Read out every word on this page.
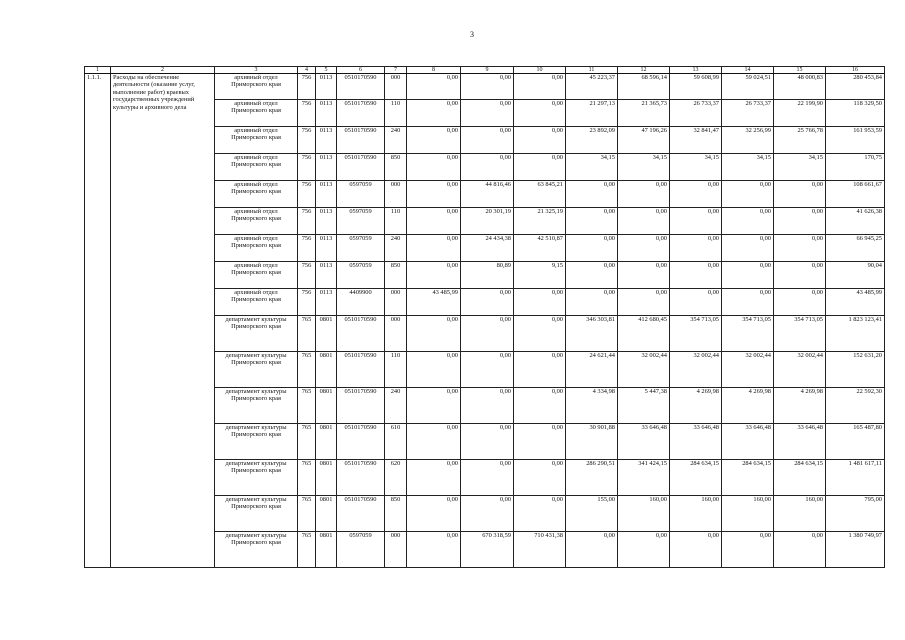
3
1	2	3	4	5	6	7	8	9	10	11	12	13	14	15	16
1.1.1.	Расходы на обеспечение деятельности (оказание услуг, выполнение работ) краевых государственных учреждений культуры и архивного дела	архивный отдел Приморского края	756	0113	0510170590	000	0,00	0,00	0,00	45 223,37	68 596,14	59 608,99	59 024,51	48 000,83	280 453,84
		архивный отдел Приморского края	756	0113	0510170590	110	0,00	0,00	0,00	21 297,13	21 365,73	26 733,37	26 733,37	22 199,90	118 329,50
		архивный отдел Приморского края	756	0113	0510170590	240	0,00	0,00	0,00	23 892,09	47 196,26	32 841,47	32 256,99	25 766,78	161 953,59
		архивный отдел Приморского края	756	0113	0510170590	850	0,00	0,00	0,00	34,15	34,15	34,15	34,15	34,15	170,75
		архивный отдел Приморского края	756	0113	0597059	000	0,00	44 816,46	63 845,21	0,00	0,00	0,00	0,00	0,00	108 661,67
		архивный отдел Приморского края	756	0113	0597059	110	0,00	20 301,19	21 325,19	0,00	0,00	0,00	0,00	0,00	41 626,38
		архивный отдел Приморского края	756	0113	0597059	240	0,00	24 434,38	42 510,87	0,00	0,00	0,00	0,00	0,00	66 945,25
		архивный отдел Приморского края	756	0113	0597059	850	0,00	80,89	9,15	0,00	0,00	0,00	0,00	0,00	90,04
		архивный отдел Приморского края	756	0113	4409900	000	43 485,99	0,00	0,00	0,00	0,00	0,00	0,00	0,00	43 485,99
		департамент культуры Приморского края	765	0801	0510170590	000	0,00	0,00	0,00	346 303,81	412 680,45	354 713,05	354 713,05	354 713,05	1 823 123,41
		департамент культуры Приморского края	765	0801	0510170590	110	0,00	0,00	0,00	24 621,44	32 002,44	32 002,44	32 002,44	32 002,44	152 631,20
		департамент культуры Приморского края	765	0801	0510170590	240	0,00	0,00	0,00	4 334,98	5 447,38	4 269,98	4 269,98	4 269,98	22 592,30
		департамент культуры Приморского края	765	0801	0510170590	610	0,00	0,00	0,00	30 901,88	33 646,48	33 646,48	33 646,48	33 646,48	165 487,80
		департамент культуры Приморского края	765	0801	0510170590	620	0,00	0,00	0,00	286 290,51	341 424,15	284 634,15	284 634,15	284 634,15	1 481 617,11
		департамент культуры Приморского края	765	0801	0510170590	850	0,00	0,00	0,00	155,00	160,00	160,00	160,00	160,00	795,00
		департамент культуры Приморского края	765	0801	0597059	000	0,00	670 318,59	710 431,38	0,00	0,00	0,00	0,00	0,00	1 380 749,97
